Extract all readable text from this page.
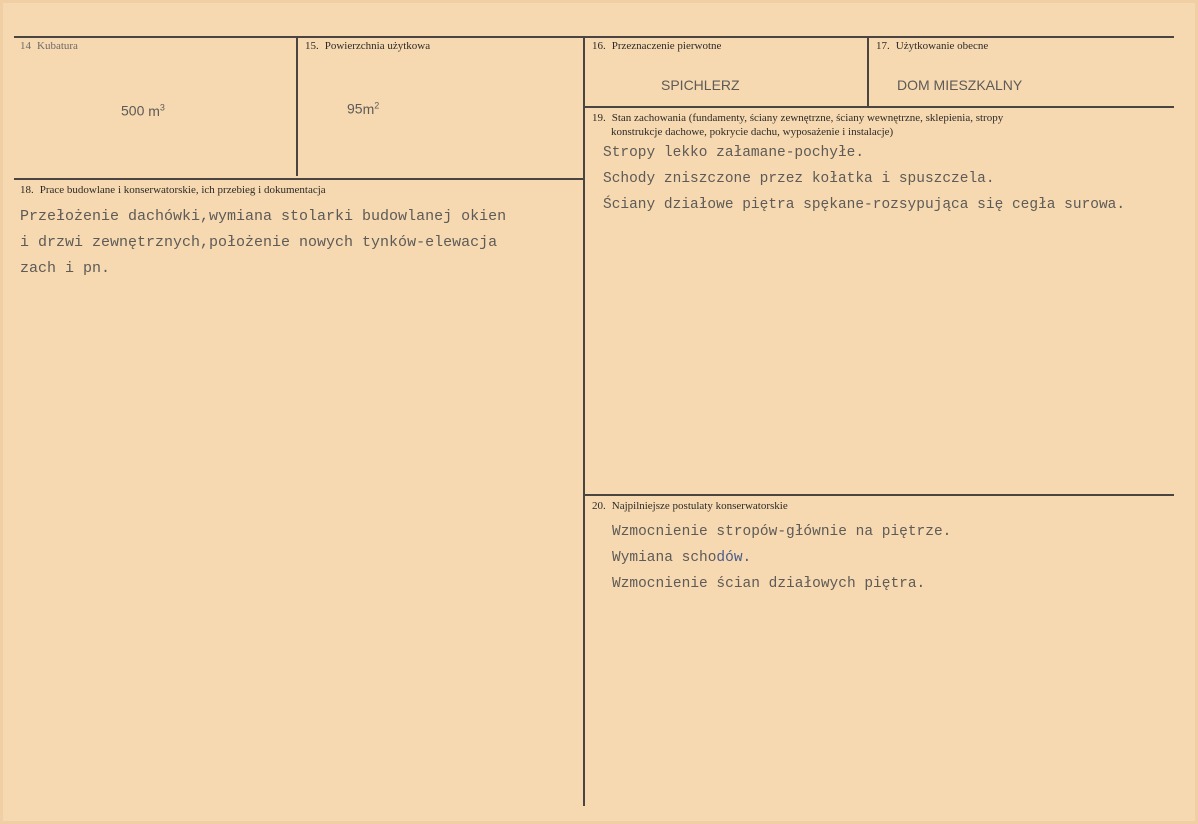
14 Kubatura
500 $m^3$
15. Powierzchnia użytkowa
$95m^2$
16. Przeznaczenie pierwotne
SPICHLERZ
17. Użytkowanie obecne
DOM MIESZKALNY
18. Prace budowlane i konserwatorskie, ich przebieg i dokumentacja
Przełożenie dachówki,wymiana stolarki budowlanej okien
i drzwi zewnętrznych,położenie nowych tynków-elewacja
zach i pn.
19. Stan zachowania (fundamenty, ściany zewnętrzne, ściany wewnętrzne, sklepienia, stropy
konstrukcje dachowe, pokrycie dachu, wyposażenie i instalacje)
Stropy lekko załamane-pochyłe.
Schody zniszczone przez kołatka i spuszczela.
Ściany działowe piętra spękane-rozsypująca się cegła surowa.
20. Najpilniejsze postulaty konserwatorskie
Wzmocnienie stropów-głównie na piętrze.
Wymiana schodów.
Wzmocnienie ścian działowych piętra.
